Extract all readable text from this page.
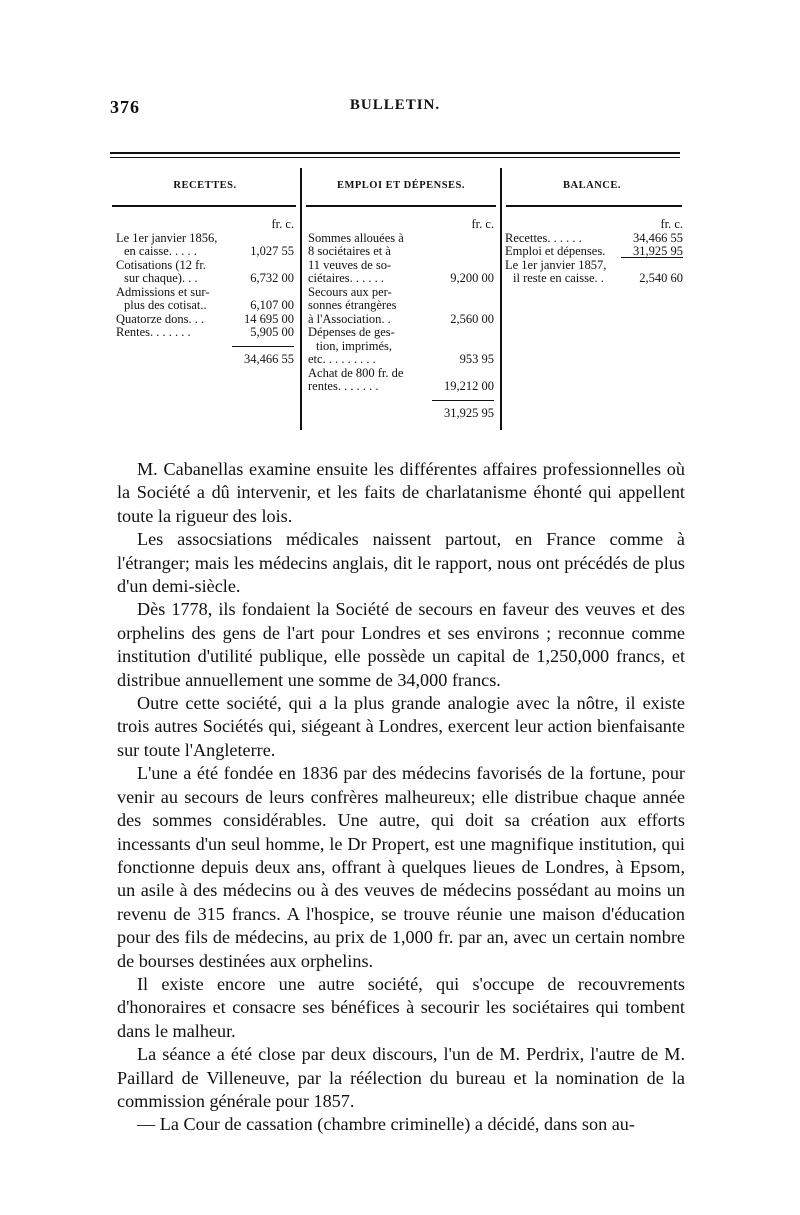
376	BULLETIN.
RECETTES.	EMPLOI ET DÉPENSES.	BALANCE.
fr. c.
Le 1er janvier 1856,
en caisse. . . . .	1,027 55
Cotisations (12 fr.
sur chaque). . .	6,732 00
Admissions et sur-
plus des cotisat..	6,107 00
Quatorze dons. . .	14 695 00
Rentes. . . . . . .	5,905 00
34,466 55
fr. c.
Sommes allouées à
8 sociétaires et à
11 veuves de so-
ciétaires. . . . . .	9,200 00
Secours aux per-
sonnes étrangères
à l'Association. .	2,560 00
Dépenses de ges-
tion, imprimés,
etc. . . . . . . . .	953 95
Achat de 800 fr. de
rentes. . . . . . .	19,212 00
31,925 95
fr. c.
Recettes. . . . . .	34,466 55
Emploi et dépenses. 31,925 95
Le 1er janvier 1857,
il reste en caisse. .	2,540 60

M. Cabanellas examine ensuite les différentes affaires professionnelles où la Société a dû intervenir, et les faits de charlatanisme éhonté qui appellent toute la rigueur des lois.

Les assocsiations médicales naissent partout, en France comme à l'étranger; mais les médecins anglais, dit le rapport, nous ont précédés de plus d'un demi-siècle.

Dès 1778, ils fondaient la Société de secours en faveur des veuves et des orphelins des gens de l'art pour Londres et ses environs ; reconnue comme institution d'utilité publique, elle possède un capital de 1,250,000 francs, et distribue annuellement une somme de 34,000 francs.

Outre cette société, qui a la plus grande analogie avec la nôtre, il existe trois autres Sociétés qui, siégeant à Londres, exercent leur action bienfaisante sur toute l'Angleterre.

L'une a été fondée en 1836 par des médecins favorisés de la fortune, pour venir au secours de leurs confrères malheureux; elle distribue chaque année des sommes considérables. Une autre, qui doit sa création aux efforts incessants d'un seul homme, le Dr Propert, est une magnifique institution, qui fonctionne depuis deux ans, offrant à quelques lieues de Londres, à Epsom, un asile à des médecins ou à des veuves de médecins possédant au moins un revenu de 315 francs. A l'hospice, se trouve réunie une maison d'éducation pour des fils de médecins, au prix de 1,000 fr. par an, avec un certain nombre de bourses destinées aux orphelins.

Il existe encore une autre société, qui s'occupe de recouvrements d'honoraires et consacre ses bénéfices à secourir les sociétaires qui tombent dans le malheur.

La séance a été close par deux discours, l'un de M. Perdrix, l'autre de M. Paillard de Villeneuve, par la réélection du bureau et la nomination de la commission générale pour 1857.

— La Cour de cassation (chambre criminelle) a décidé, dans son au-
